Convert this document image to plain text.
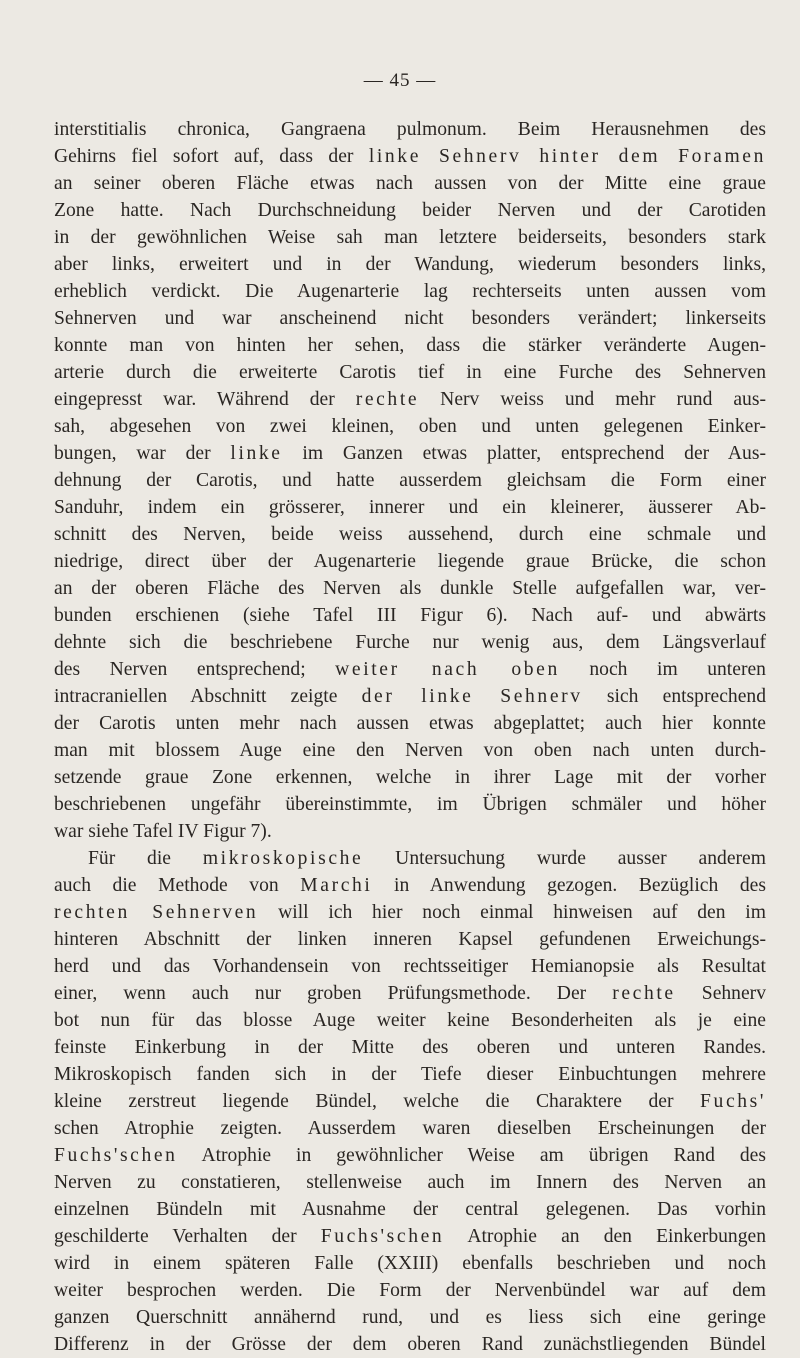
— 45 —
interstitialis chronica, Gangraena pulmonum. Beim Herausnehmen des
Gehirns fiel sofort auf, dass der linke Sehnerv hinter dem Foramen
an seiner oberen Fläche etwas nach aussen von der Mitte eine graue
Zone hatte. Nach Durchschneidung beider Nerven und der Carotiden
in der gewöhnlichen Weise sah man letztere beiderseits, besonders stark
aber links, erweitert und in der Wandung, wiederum besonders links,
erheblich verdickt. Die Augenarterie lag rechterseits unten aussen vom
Sehnerven und war anscheinend nicht besonders verändert; linkerseits
konnte man von hinten her sehen, dass die stärker veränderte Augen-
arterie durch die erweiterte Carotis tief in eine Furche des Sehnerven
eingepresst war. Während der rechte Nerv weiss und mehr rund aus-
sah, abgesehen von zwei kleinen, oben und unten gelegenen Einker-
bungen, war der linke im Ganzen etwas platter, entsprechend der Aus-
dehnung der Carotis, und hatte ausserdem gleichsam die Form einer
Sanduhr, indem ein grösserer, innerer und ein kleinerer, äusserer Ab-
schnitt des Nerven, beide weiss aussehend, durch eine schmale und
niedrige, direct über der Augenarterie liegende graue Brücke, die schon
an der oberen Fläche des Nerven als dunkle Stelle aufgefallen war, ver-
bunden erschienen (siehe Tafel III Figur 6). Nach auf- und abwärts
dehnte sich die beschriebene Furche nur wenig aus, dem Längsverlauf
des Nerven entsprechend; weiter nach oben noch im unteren
intracraniellen Abschnitt zeigte der linke Sehnerv sich entsprechend
der Carotis unten mehr nach aussen etwas abgeplattet; auch hier konnte
man mit blossem Auge eine den Nerven von oben nach unten durch-
setzende graue Zone erkennen, welche in ihrer Lage mit der vorher
beschriebenen ungefähr übereinstimmte, im Übrigen schmäler und höher
war siehe Tafel IV Figur 7).
Für die mikroskopische Untersuchung wurde ausser anderem
auch die Methode von Marchi in Anwendung gezogen. Bezüglich des
rechten Sehnerven will ich hier noch einmal hinweisen auf den im
hinteren Abschnitt der linken inneren Kapsel gefundenen Erweichungs-
herd und das Vorhandensein von rechtsseitiger Hemianopsie als Resultat
einer, wenn auch nur groben Prüfungsmethode. Der rechte Sehnerv
bot nun für das blosse Auge weiter keine Besonderheiten als je eine
feinste Einkerbung in der Mitte des oberen und unteren Randes.
Mikroskopisch fanden sich in der Tiefe dieser Einbuchtungen mehrere
kleine zerstreut liegende Bündel, welche die Charaktere der Fuchs'
schen Atrophie zeigten. Ausserdem waren dieselben Erscheinungen der
Fuchs'schen Atrophie in gewöhnlicher Weise am übrigen Rand des
Nerven zu constatieren, stellenweise auch im Innern des Nerven an
einzelnen Bündeln mit Ausnahme der central gelegenen. Das vorhin
geschilderte Verhalten der Fuchs'schen Atrophie an den Einkerbungen
wird in einem späteren Falle (XXIII) ebenfalls beschrieben und noch
weiter besprochen werden. Die Form der Nervenbündel war auf dem
ganzen Querschnitt annähernd rund, und es liess sich eine geringe
Differenz in der Grösse der dem oberen Rand zunächstliegenden Bündel
